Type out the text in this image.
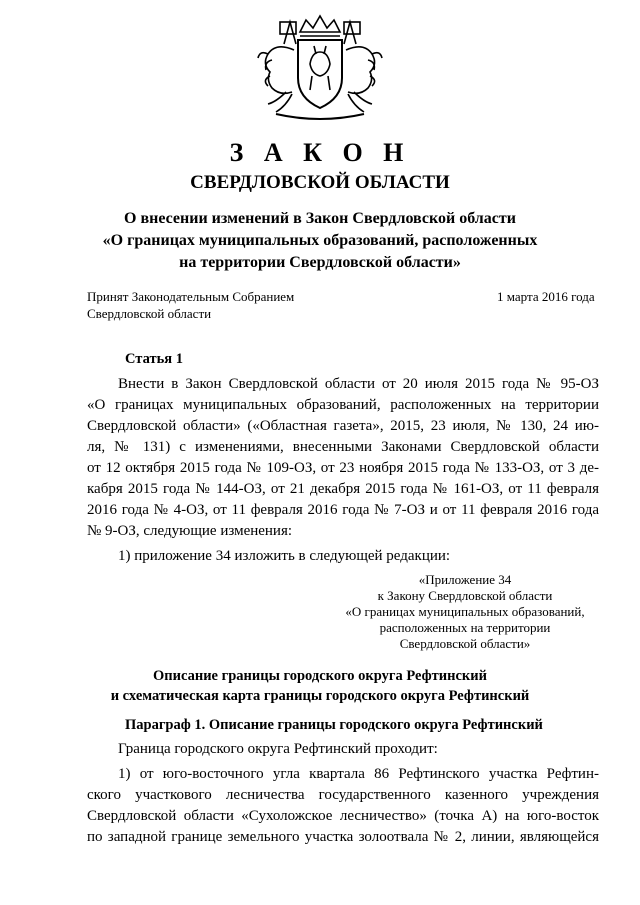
З А К О Н
СВЕРДЛОВСКОЙ ОБЛАСТИ
О внесении изменений в Закон Свердловской области
«О границах муниципальных образований, расположенных
на территории Свердловской области»
Принят Законодательным Собранием
Свердловской области
1 марта 2016 года
Статья 1
Внести в Закон Свердловской области от 20 июля 2015 года № 95-ОЗ
«О границах муниципальных образований, расположенных на территории
Свердловской области» («Областная газета», 2015, 23 июля, № 130, 24 ию-
ля, № 131) с изменениями, внесенными Законами Свердловской области
от 12 октября 2015 года № 109-ОЗ, от 23 ноября 2015 года № 133-ОЗ, от 3 де-
кабря 2015 года № 144-ОЗ, от 21 декабря 2015 года № 161-ОЗ, от 11 февраля
2016 года № 4-ОЗ, от 11 февраля 2016 года № 7-ОЗ и от 11 февраля 2016 года
№ 9-ОЗ, следующие изменения:
1) приложение 34 изложить в следующей редакции:
«Приложение 34
к Закону Свердловской области
«О границах муниципальных образований,
расположенных на территории
Свердловской области»
Описание границы городского округа Рефтинский
и схематическая карта границы городского округа Рефтинский
Параграф 1. Описание границы городского округа Рефтинский
Граница городского округа Рефтинский проходит:
1) от юго-восточного угла квартала 86 Рефтинского участка Рефтин-
ского участкового лесничества государственного казенного учреждения
Свердловской области «Сухоложское лесничество» (точка А) на юго-восток
по западной границе земельного участка золоотвала № 2, линии, являющейся
